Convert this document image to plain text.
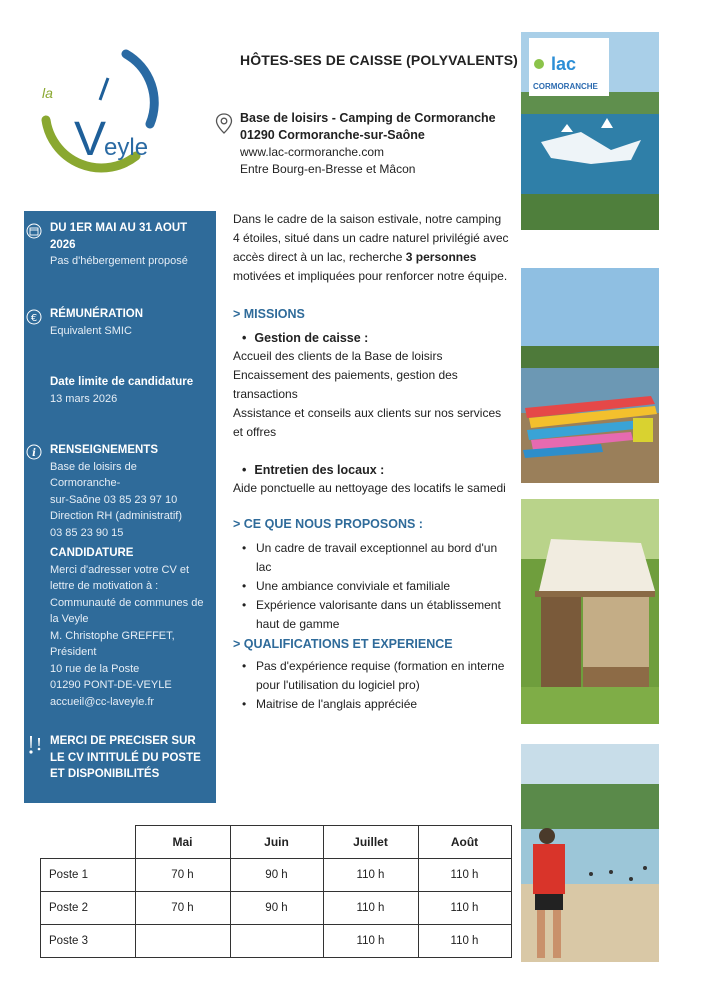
la
Veyle
HÔTES-SES DE CAISSE (POLYVALENTS)
Base de loisirs - Camping de Cormoranche
01290 Cormoranche-sur-Saône
www.lac-cormoranche.com
Entre Bourg-en-Bresse et Mâcon
DU 1ER MAI AU 31 AOUT 2026
Pas d'hébergement proposé
€ RÉMUNÉRATION
Equivalent SMIC
Date limite de candidature
13 mars 2026
i RENSEIGNEMENTS
Base de loisirs de Cormoranche-
sur-Saône 03 85 23 97 10
Direction RH (administratif)
03 85 23 90 15
CANDIDATURE
Merci d'adresser votre CV et
lettre de motivation à :
Communauté de communes de
la Veyle
M. Christophe GREFFET,
Président
10 rue de la Poste
01290 PONT-DE-VEYLE
accueil@cc-laveyle.fr
MERCI DE PRECISER SUR LE CV INTITULÉ DU POSTE ET DISPONIBILITÉS
Dans le cadre de la saison estivale, notre camping 4 étoiles, situé dans un cadre naturel privilégié avec accès direct à un lac, recherche 3 personnes motivées et impliquées pour renforcer notre équipe.
> MISSIONS
• Gestion de caisse :
Accueil des clients de la Base de loisirs
Encaissement des paiements, gestion des transactions
Assistance et conseils aux clients sur nos services et offres
• Entretien des locaux :
Aide ponctuelle au nettoyage des locatifs le samedi
> CE QUE NOUS PROPOSONS :
• Un cadre de travail exceptionnel au bord d'un lac
• Une ambiance conviviale et familiale
• Expérience valorisante dans un établissement haut de gamme
> QUALIFICATIONS ET EXPERIENCE
• Pas d'expérience requise (formation en interne pour l'utilisation du logiciel pro)
• Maitrise de l'anglais appréciée
lac
CORMORANCHE
	Mai	Juin	Juillet	Août
Poste 1	70 h	90 h	110 h	110 h
Poste 2	70 h	90 h	110 h	110 h
Poste 3			110 h	110 h
